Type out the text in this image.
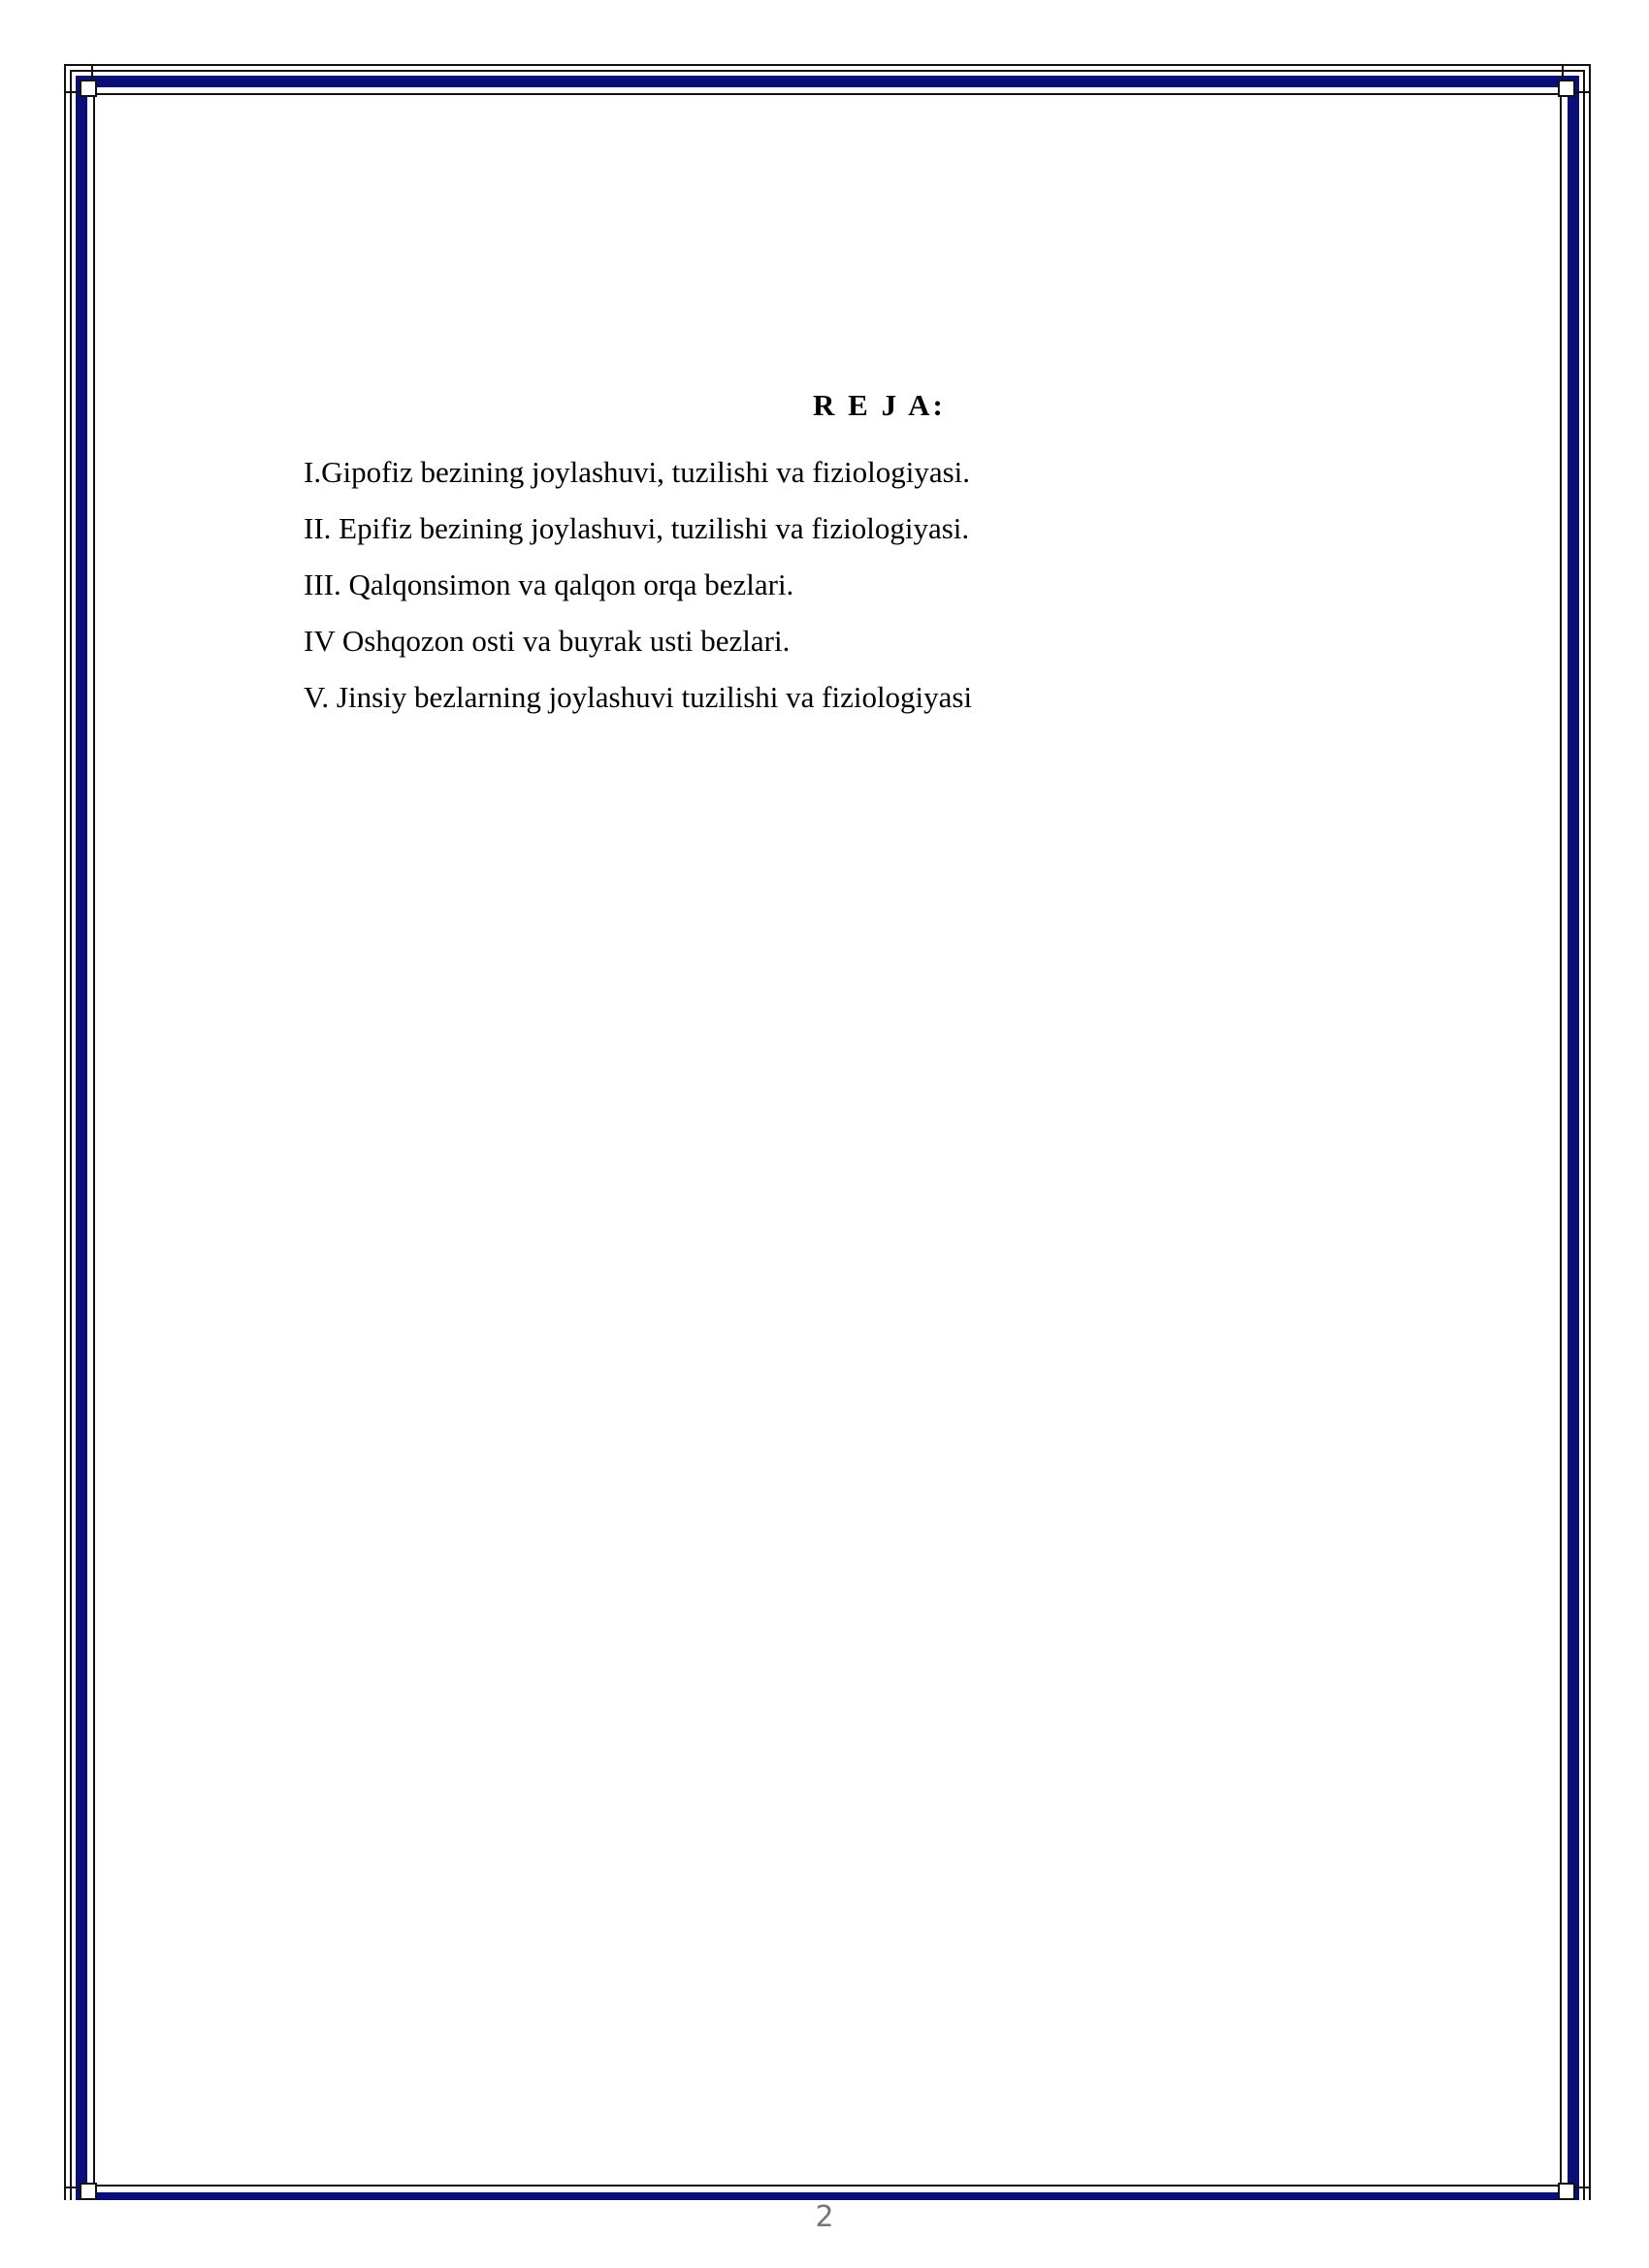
R E J A:
I.Gipofiz bezining joylashuvi, tuzilishi va fiziologiyasi.
II. Epifiz bezining joylashuvi, tuzilishi va fiziologiyasi.
III. Qalqonsimon va qalqon orqa bezlari.
IV Oshqozon osti va buyrak usti bezlari.
V. Jinsiy bezlarning joylashuvi tuzilishi va fiziologiyasi
2
